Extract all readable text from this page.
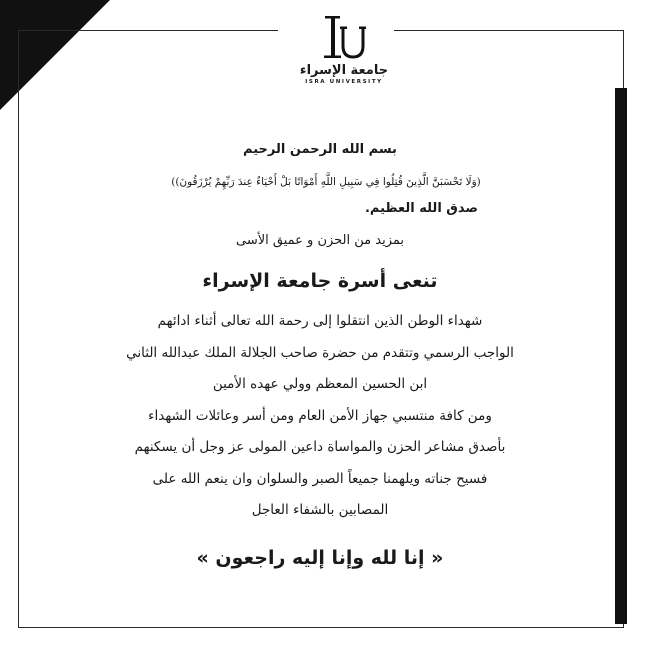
جامعة الإسراء
ISRA UNIVERSITY
بسم الله الرحمن الرحيم
(وَلَا تَحْسَبَنَّ الَّذِينَ قُتِلُوا فِي سَبِيلِ اللَّهِ أَمْوَاتًا بَلْ أَحْيَاءٌ عِندَ رَبِّهِمْ يُرْزَقُونَ))
صدق الله العظيم.
بمزيد من الحزن و عميق الأسى
تنعى أسرة جامعة الإسراء
شهداء الوطن الذين انتقلوا إلى رحمة الله تعالى أثناء ادائهم
الواجب الرسمي وتتقدم من حضرة صاحب الجلالة الملك عبدالله الثاني
ابن الحسين المعظم وولي عهده الأمين
ومن كافة منتسبي جهاز الأمن العام ومن أسر وعائلات الشهداء
بأصدق مشاعر الحزن والمواساة داعين المولى عز وجل أن يسكنهم
فسيح جناته ويلهمنا جميعاً الصبر والسلوان وان ينعم الله على
المصابين بالشفاء العاجل
« إنا لله وإنا إليه راجعون »
